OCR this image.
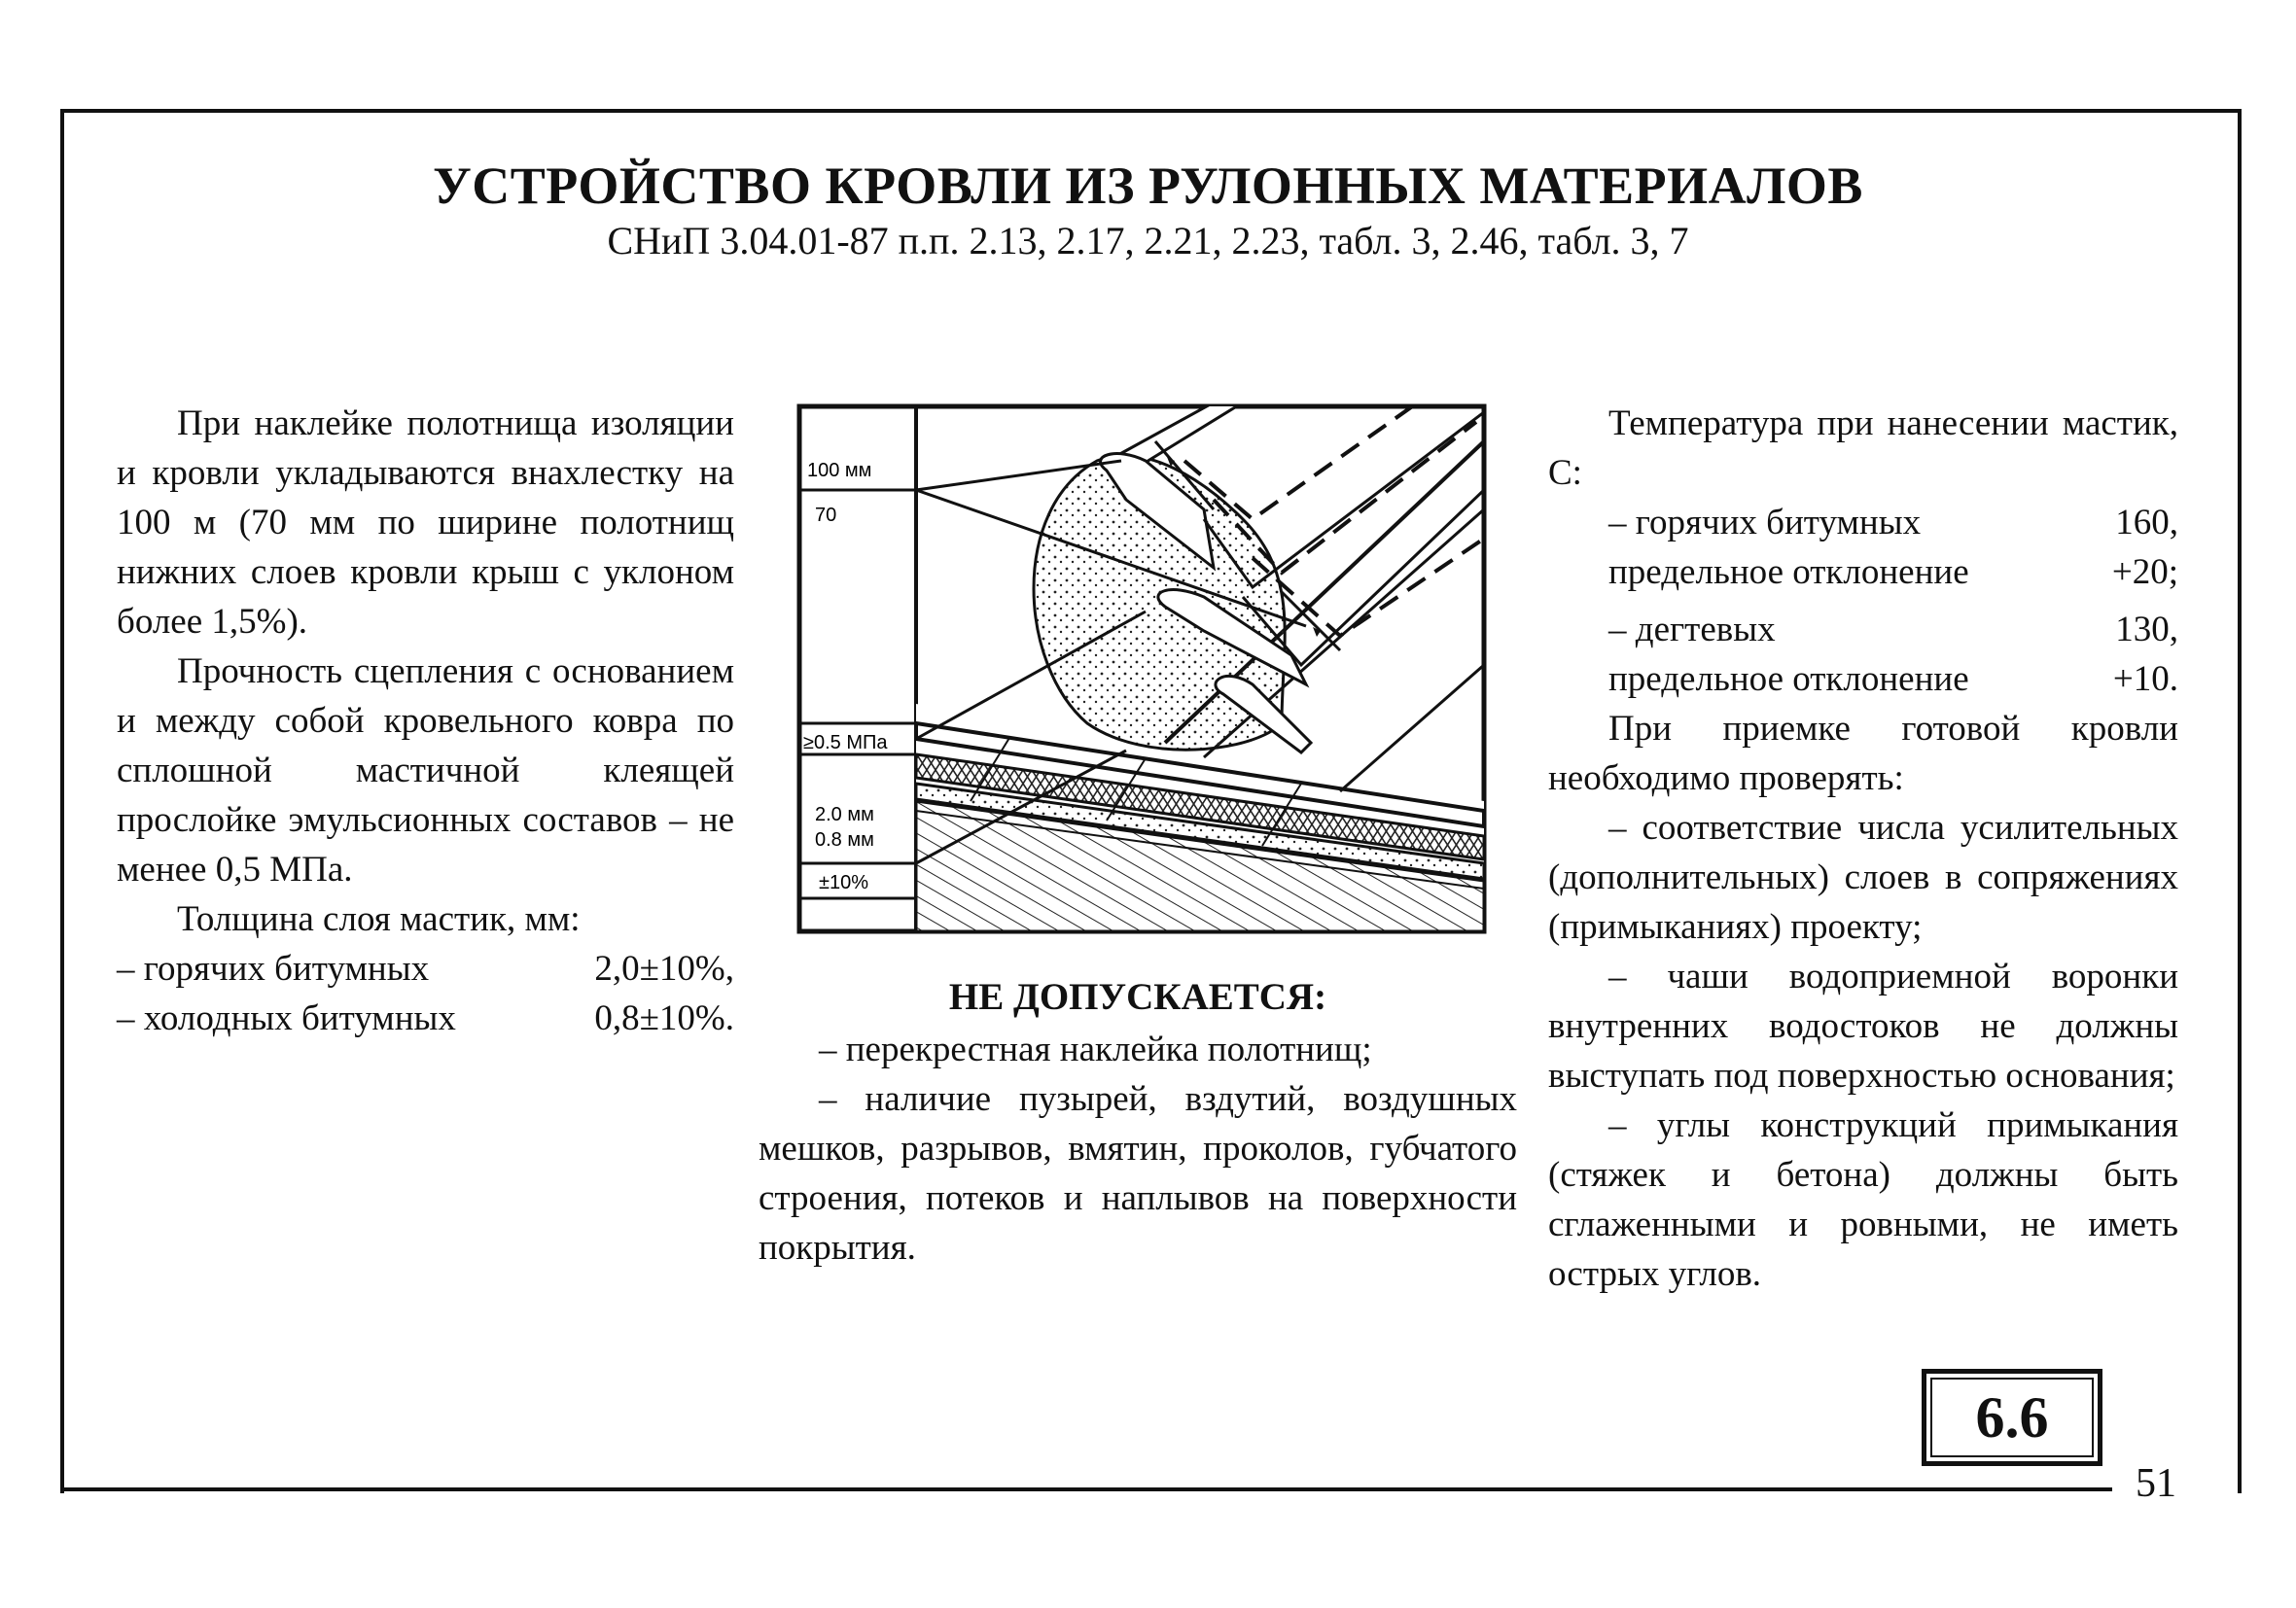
УСТРОЙСТВО КРОВЛИ ИЗ РУЛОННЫХ МАТЕРИАЛОВ
СНиП 3.04.01-87 п.п. 2.13, 2.17, 2.21, 2.23, табл. 3, 2.46, табл. 3, 7

При наклейке полотнища изоляции и кровли укладываются внахлестку на 100 м (70 мм по ширине полотнищ нижних слоев кровли крыш с уклоном более 1,5%).

Прочность сцепления с основанием и между собой кровельного ковра по сплошной мастичной клеящей прослойке эмульсионных составов – не менее 0,5 МПа.

Толщина слоя мастик, мм:

– горячих битумных	2,0±10%,
– холодных битумных	0,8±10%.
100 мм
70
≥0.5 МПа
2.0 мм
0.8 мм
±10%
НЕ ДОПУСКАЕТСЯ:

– перекрестная наклейка полотнищ;

– наличие пузырей, вздутий, воздушных мешков, разрывов, вмятин, проколов, губчатого строения, потеков и наплывов на поверхности покрытия.

Температура при нанесении мастик, С:

– горячих битумных	160,
предельное отклонение	+20;
– дегтевых	130,
предельное отклонение	+10.

При приемке готовой кровли необходимо проверять:

– соответствие числа усилительных (дополнительных) слоев в сопряжениях (примыканиях) проекту;

– чаши водоприемной воронки внутренних водостоков не должны выступать под поверхностью основания;

– углы конструкций примыкания (стяжек и бетона) должны быть сглаженными и ровными, не иметь острых углов.

6.6
51
